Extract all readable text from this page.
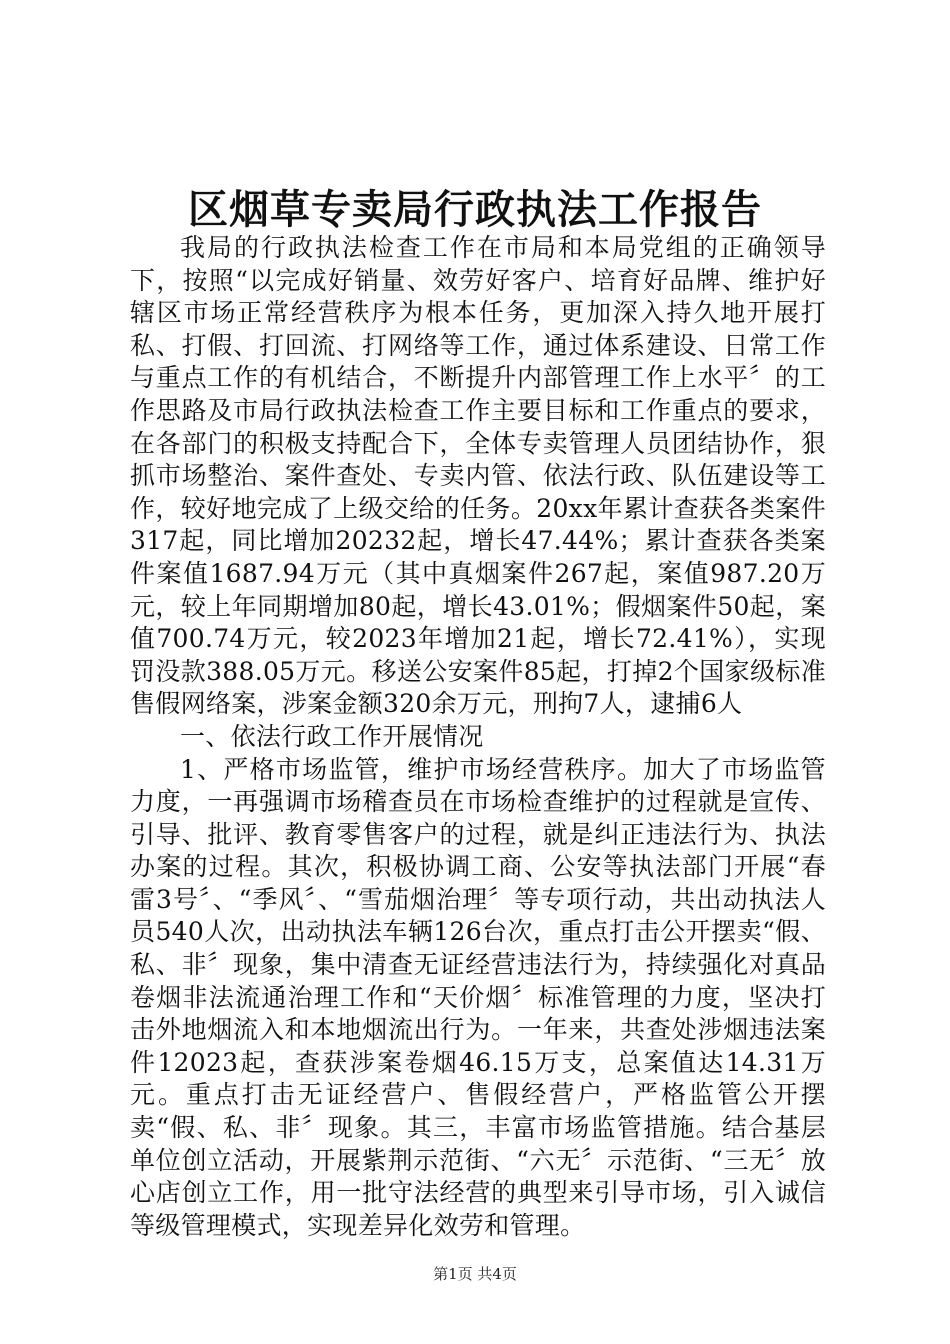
区烟草专卖局行政执法工作报告

我局的行政执法检查工作在市局和本局党组的正确领导下，按照“以完成好销量、效劳好客户、培育好品牌、维护好辖区市场正常经营秩序为根本任务，更加深入持久地开展打私、打假、打回流、打网络等工作，通过体系建设、日常工作与重点工作的有机结合，不断提升内部管理工作上水平〞的工作思路及市局行政执法检查工作主要目标和工作重点的要求，在各部门的积极支持配合下，全体专卖管理人员团结协作，狠抓市场整治、案件查处、专卖内管、依法行政、队伍建设等工作，较好地完成了上级交给的任务。20xx年累计查获各类案件317起，同比增加20232起，增长47.44%；累计查获各类案件案值1687.94万元（其中真烟案件267起，案值987.20万元，较上年同期增加80起，增长43.01%；假烟案件50起，案值700.74万元，较2023年增加21起，增长72.41%），实现罚没款388.05万元。移送公安案件85起，打掉2个国家级标准售假网络案，涉案金额320余万元，刑拘7人，逮捕6人

一、依法行政工作开展情况

1、严格市场监管，维护市场经营秩序。加大了市场监管力度，一再强调市场稽查员在市场检查维护的过程就是宣传、引导、批评、教育零售客户的过程，就是纠正违法行为、执法办案的过程。其次，积极协调工商、公安等执法部门开展“春雷3号〞、“季风〞、“雪茄烟治理〞等专项行动，共出动执法人员540人次，出动执法车辆126台次，重点打击公开摆卖“假、私、非〞现象，集中清查无证经营违法行为，持续强化对真品卷烟非法流通治理工作和“天价烟〞标准管理的力度，坚决打击外地烟流入和本地烟流出行为。一年来，共查处涉烟违法案件12023起，查获涉案卷烟46.15万支，总案值达14.31万元。重点打击无证经营户、售假经营户，严格监管公开摆卖“假、私、非〞现象。其三，丰富市场监管措施。结合基层单位创立活动，开展紫荆示范街、“六无〞示范街、“三无〞放心店创立工作，用一批守法经营的典型来引导市场，引入诚信等级管理模式，实现差异化效劳和管理。

第1页 共4页
